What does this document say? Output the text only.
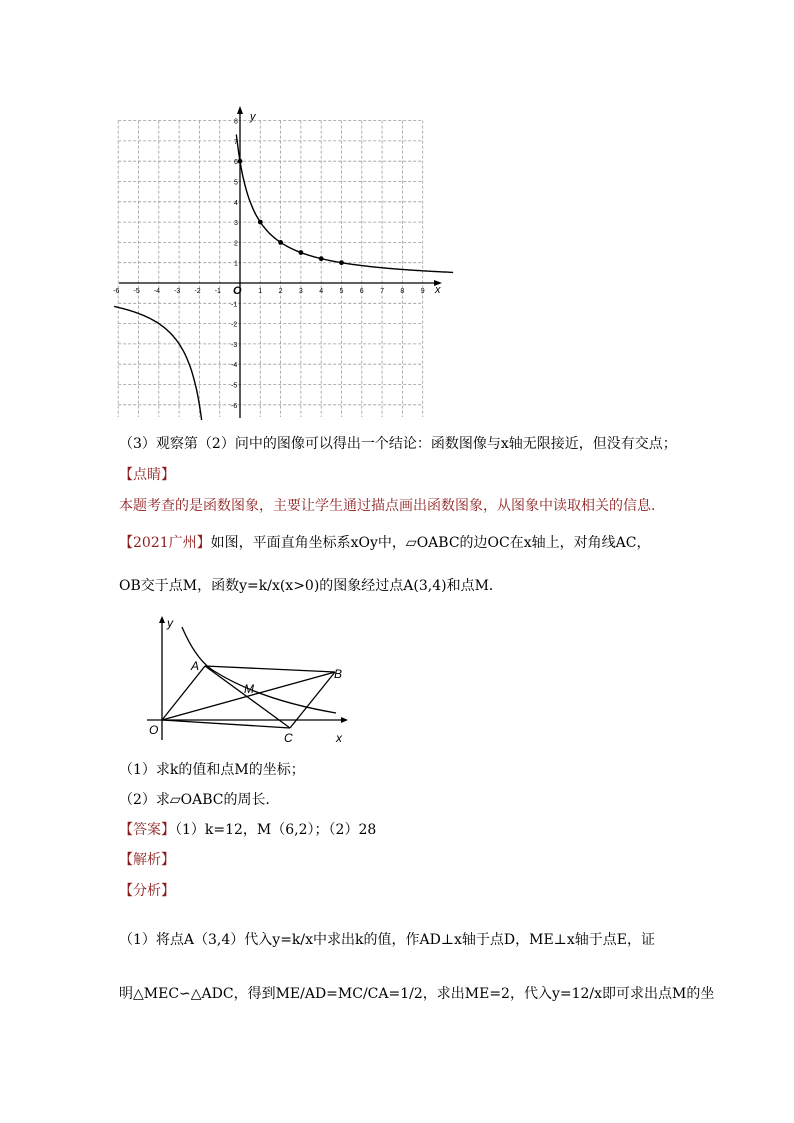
y
x
O
-6 -5 -4 -3 -2 -1	1 2 3 4 5 6 7 8 9
1
2
3
4
5
6
7
8
-1
-2
-3
-4
-5
-6
（3）观察第（2）问中的图像可以得出一个结论：函数图像与x轴无限接近，但没有交点；
【点睛】
本题考查的是函数图象，主要让学生通过描点画出函数图象，从图象中读取相关的信息．
【2021广州】如图，平面直角坐标系xOy中，▱OABC的边OC在x轴上，对角线AC，
OB交于点M，函数y=k/x(x>0)的图象经过点A(3,4)和点M．
y
x
O
A
B
M
C
（1）求k的值和点M的坐标；
（2）求▱OABC的周长．
【答案】（1）k=12，M（6,2）；（2）28
【解析】
【分析】
（1）将点A（3,4）代入y=k/x中求出k的值，作AD⊥x轴于点D，ME⊥x轴于点E，证
明△MEC∽△ADC，得到ME/AD=MC/CA=1/2，求出ME=2，代入y=12/x即可求出点M的坐
